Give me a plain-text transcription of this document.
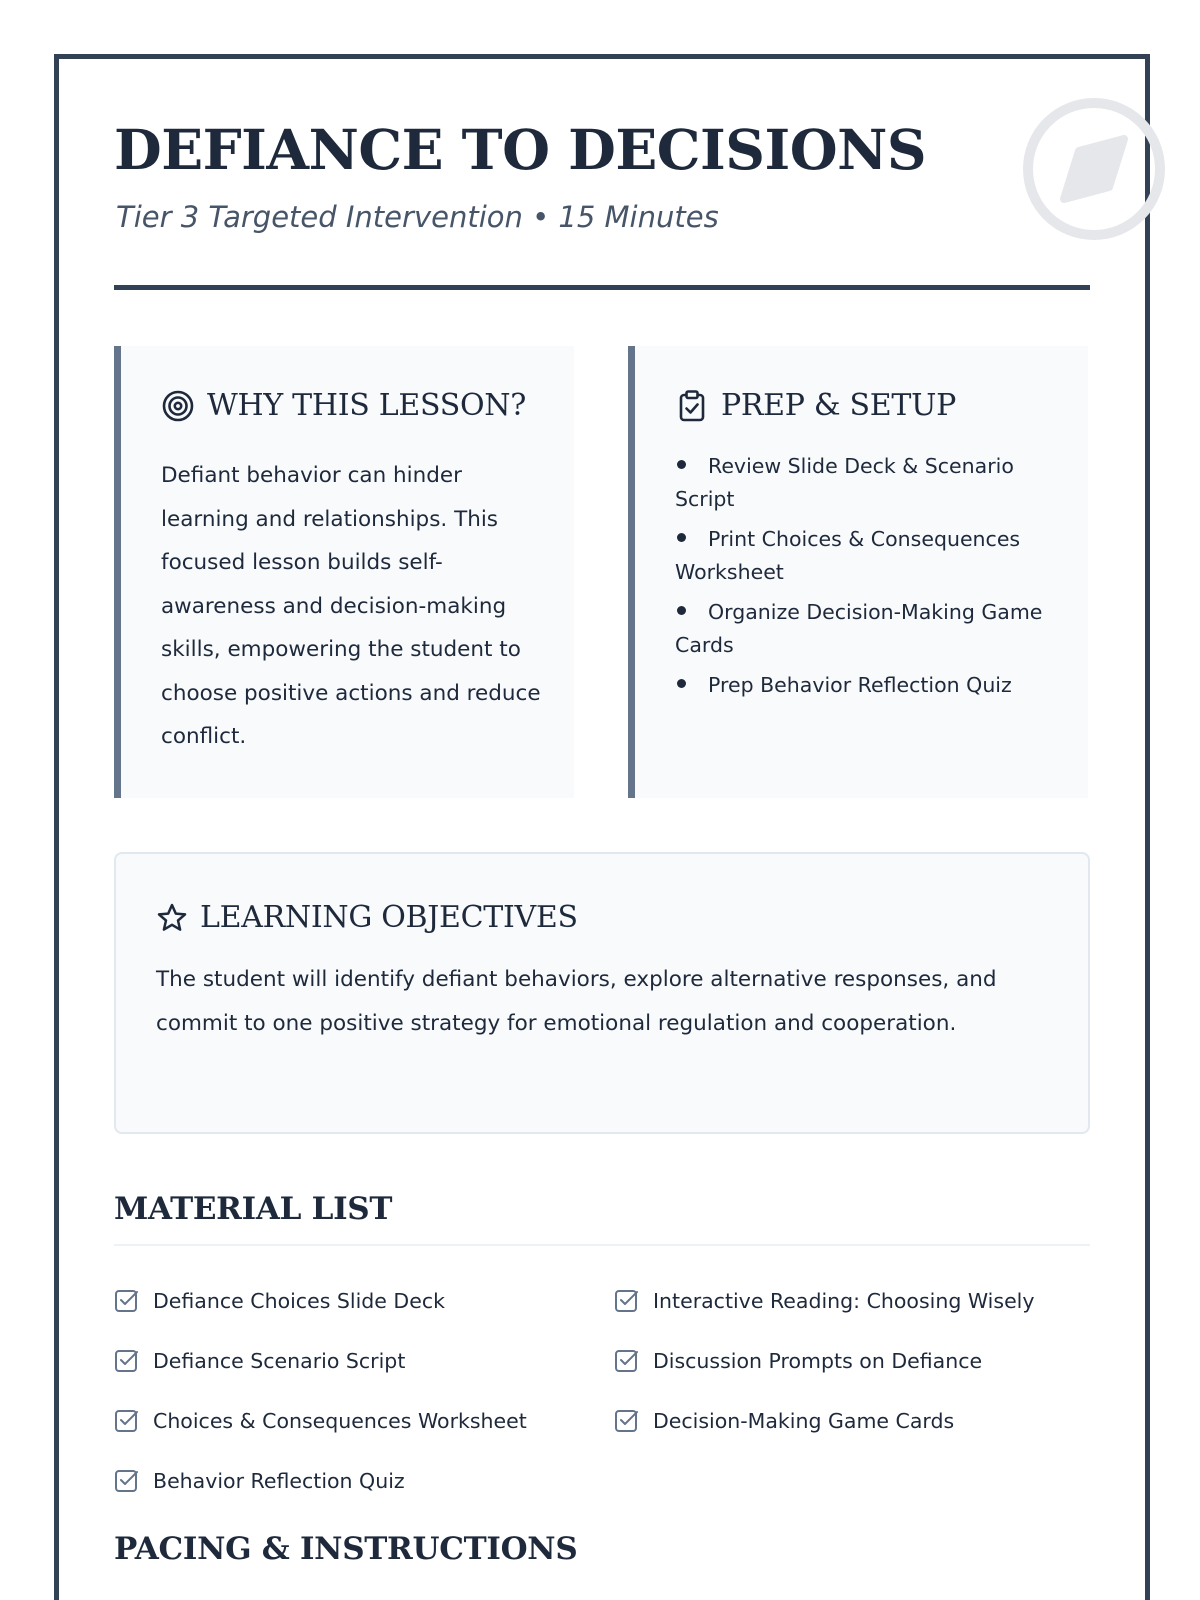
DEFIANCE TO DECISIONS
Tier 3 Targeted Intervention • 15 Minutes
WHY THIS LESSON?

Defiant behavior can hinder learning and relationships. This focused lesson builds self-awareness and decision-making skills, empowering the student to choose positive actions and reduce conflict.

PREP & SETUP
Review Slide Deck & Scenario Script
Print Choices & Consequences Worksheet
Organize Decision-Making Game Cards
Prep Behavior Reflection Quiz
LEARNING OBJECTIVES

The student will identify defiant behaviors, explore alternative responses, and commit to one positive strategy for emotional regulation and cooperation.

MATERIAL LIST
Defiance Choices Slide Deck	Interactive Reading: Choosing Wisely
Defiance Scenario Script	Discussion Prompts on Defiance
Choices & Consequences Worksheet	Decision-Making Game Cards
Behavior Reflection Quiz
PACING & INSTRUCTIONS
